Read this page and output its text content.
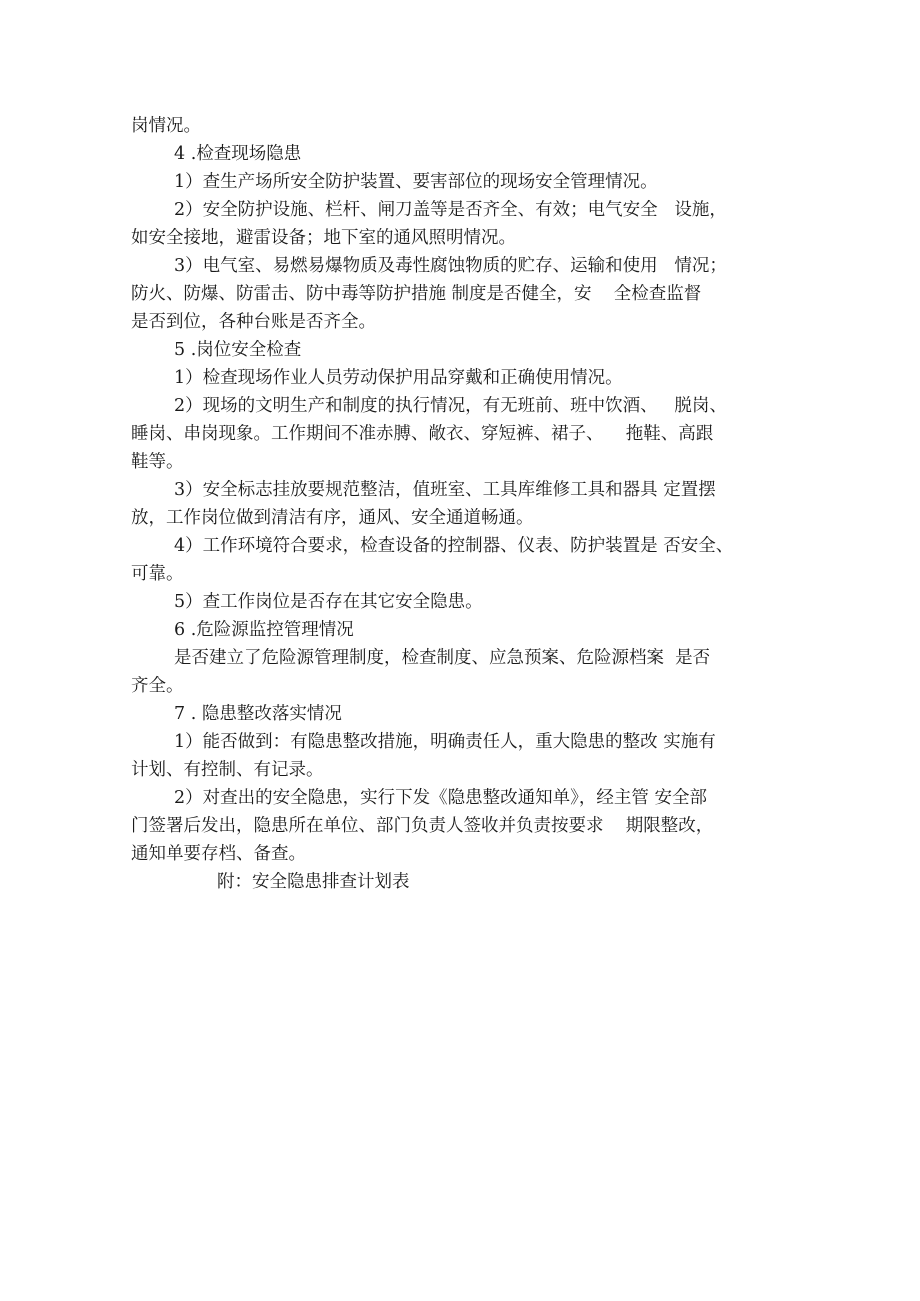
岗情况。
4 .检查现场隐患
1）查生产场所安全防护装置、要害部位的现场安全管理情况。
2）安全防护设施、栏杆、闸刀盖等是否齐全、有效；电气安全   设施，
如安全接地，避雷设备；地下室的通风照明情况。
3）电气室、易燃易爆物质及毒性腐蚀物质的贮存、运输和使用   情况；
防火、防爆、防雷击、防中毒等防护措施 制度是否健全，安    全检查监督
是否到位，各种台账是否齐全。
5 .岗位安全检查
1）检查现场作业人员劳动保护用品穿戴和正确使用情况。
2）现场的文明生产和制度的执行情况，有无班前、班中饮酒、   脱岗、
睡岗、串岗现象。工作期间不准赤膊、敞衣、穿短裤、裙子、    拖鞋、高跟
鞋等。
3）安全标志挂放要规范整洁，值班室、工具库维修工具和器具 定置摆
放，工作岗位做到清洁有序，通风、安全通道畅通。
4）工作环境符合要求，检查设备的控制器、仪表、防护装置是 否安全、
可靠。
5）查工作岗位是否存在其它安全隐患。
6 .危险源监控管理情况
是否建立了危险源管理制度，检查制度、应急预案、危险源档案  是否
齐全。
7 . 隐患整改落实情况
1）能否做到：有隐患整改措施，明确责任人，重大隐患的整改 实施有
计划、有控制、有记录。
2）对查出的安全隐患，实行下发《隐患整改通知单》，经主管 安全部
门签署后发出，隐患所在单位、部门负责人签收并负责按要求    期限整改，
通知单要存档、备查。
附：安全隐患排查计划表
